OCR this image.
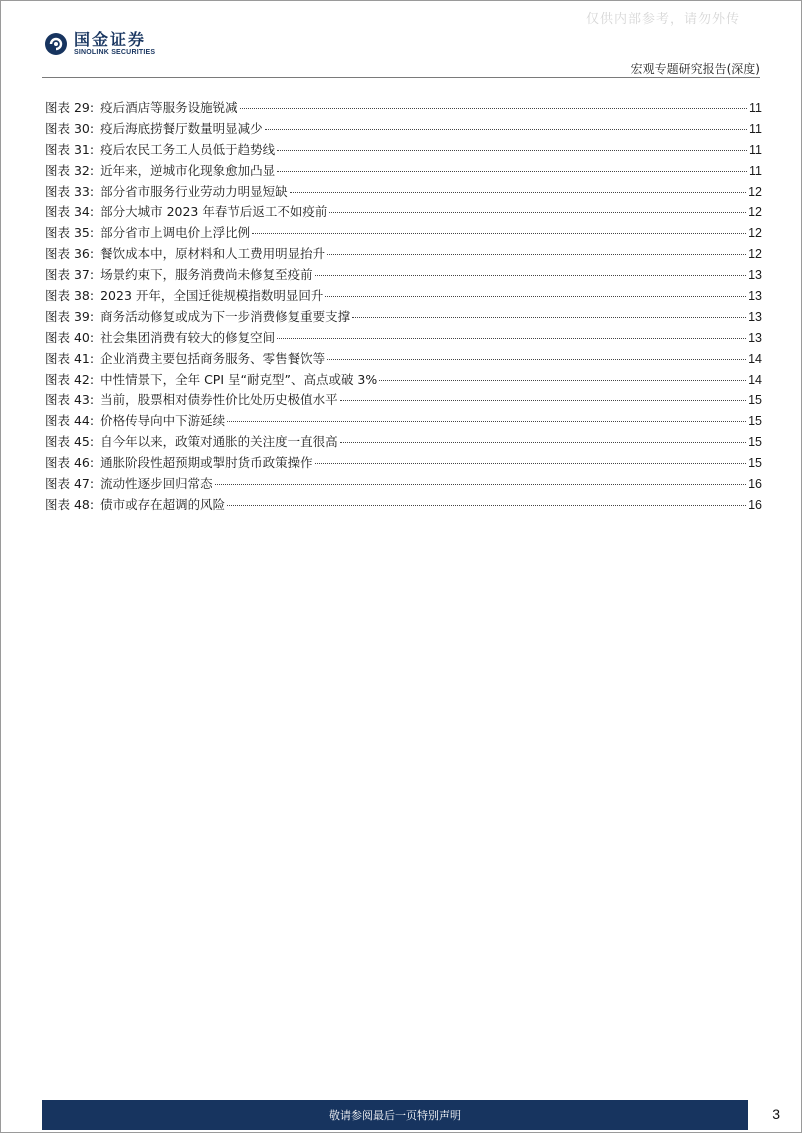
仅供内部参考，请勿外传
国金证券
SINOLINK SECURITIES
宏观专题研究报告(深度)
图表 29: 疫后酒店等服务设施锐减	11
图表 30: 疫后海底捞餐厅数量明显减少	11
图表 31: 疫后农民工务工人员低于趋势线	11
图表 32: 近年来，逆城市化现象愈加凸显	11
图表 33: 部分省市服务行业劳动力明显短缺	12
图表 34: 部分大城市 2023 年春节后返工不如疫前	12
图表 35: 部分省市上调电价上浮比例	12
图表 36: 餐饮成本中，原材料和人工费用明显抬升	12
图表 37: 场景约束下，服务消费尚未修复至疫前	13
图表 38: 2023 开年，全国迁徙规模指数明显回升	13
图表 39: 商务活动修复或成为下一步消费修复重要支撑	13
图表 40: 社会集团消费有较大的修复空间	13
图表 41: 企业消费主要包括商务服务、零售餐饮等	14
图表 42: 中性情景下，全年 CPI 呈“耐克型”、高点或破 3%	14
图表 43: 当前，股票相对债券性价比处历史极值水平	15
图表 44: 价格传导向中下游延续	15
图表 45: 自今年以来，政策对通胀的关注度一直很高	15
图表 46: 通胀阶段性超预期或掣肘货币政策操作	15
图表 47: 流动性逐步回归常态	16
图表 48: 债市或存在超调的风险	16
敬请参阅最后一页特别声明	3
